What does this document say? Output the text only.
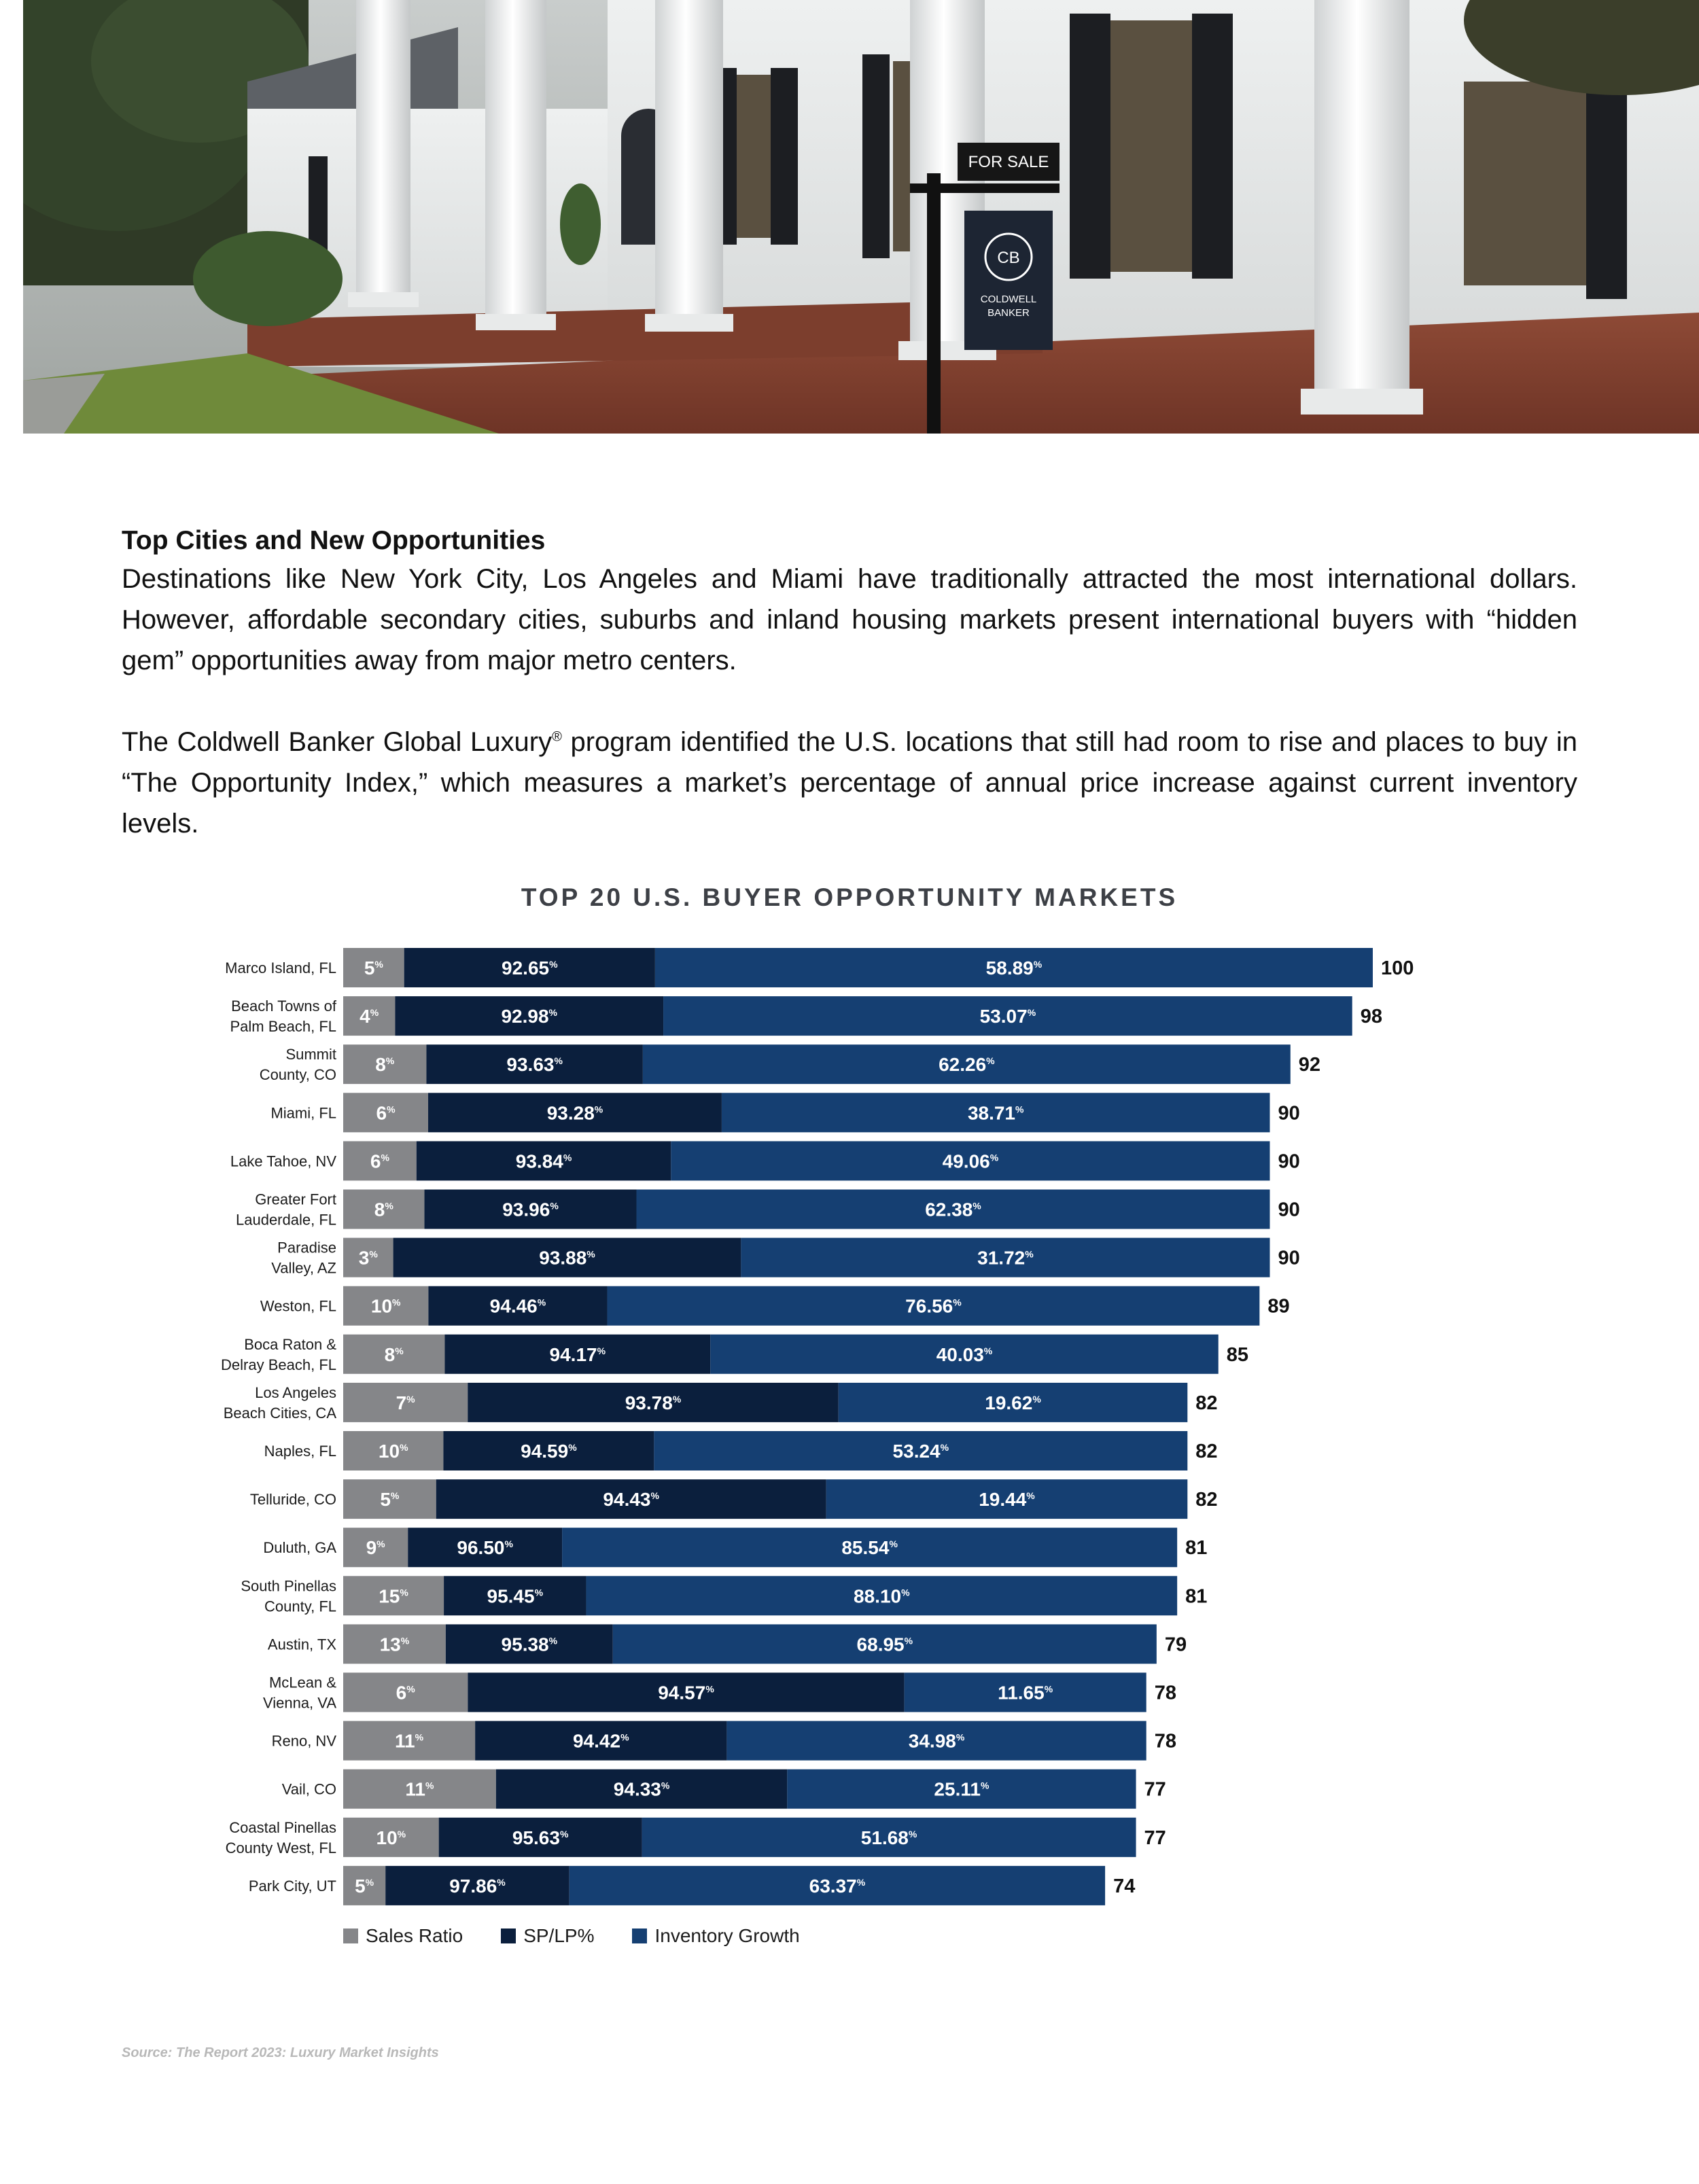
FOR SALE
CB
COLDWELL
BANKER

Top Cities and New Opportunities

Destinations like New York City, Los Angeles and Miami have traditionally attracted the most international dollars. However, affordable secondary cities, suburbs and inland housing markets present international buyers with “hidden gem” opportunities away from major metro centers.

The Coldwell Banker Global Luxury® program identified the U.S. locations that still had room to rise and places to buy in “The Opportunity Index,” which measures a market’s percentage of annual price increase against current inventory levels.

TOP 20 U.S. BUYER OPPORTUNITY MARKETS
Marco Island, FL 5%	92.65%	58.89%	100
Beach Towns of Palm Beach, FL 4%	92.98%	53.07%	98
Summit County, CO 8%	93.63%	62.26%	92
Miami, FL 6%	93.28%	38.71%	90
Lake Tahoe, NV 6%	93.84%	49.06%	90
Greater Fort Lauderdale, FL 8%	93.96%	62.38%	90
Paradise Valley, AZ 3%	93.88%	31.72%	90
Weston, FL 10%	94.46%	76.56%	89
Boca Raton & Delray Beach, FL	8%	94.17%	40.03%	85
Los Angeles Beach Cities, CA	7%	93.78%	19.62%	82
Naples, FL 10%	94.59%	53.24%	82
Telluride, CO 5%	94.43%	19.44%	82
Duluth, GA 9%	96.50%	85.54%	81
South Pinellas County, FL 15%	95.45%	88.10%	81
Austin, TX 13%	95.38%	68.95%	79
McLean & Vienna, VA	6%	94.57%	11.65%	78
Reno, NV	11%	94.42%	34.98%	78
Vail, CO	11%	94.33%	25.11%	77
Coastal Pinellas County West, FL 10%	95.63%	51.68%	77
Park City, UT 5%	97.86%	63.37%	74
Sales Ratio	SP/LP%	Inventory Growth
Source: The Report 2023: Luxury Market Insights
